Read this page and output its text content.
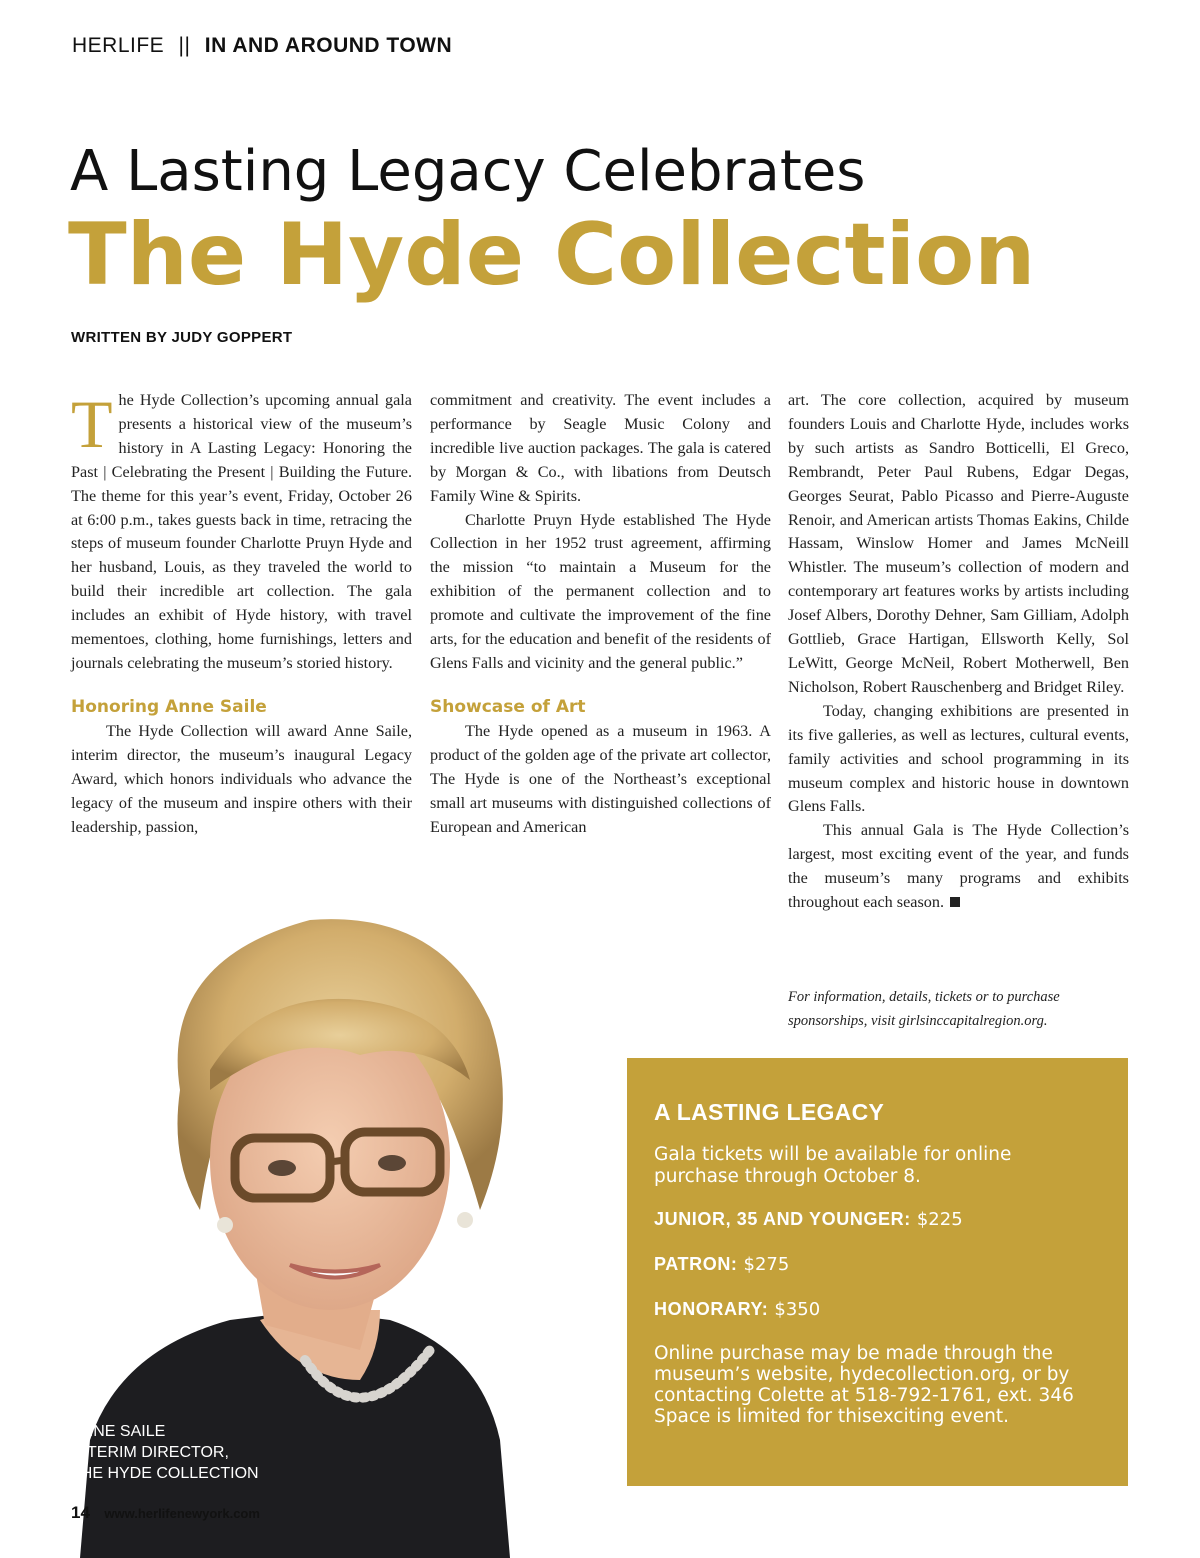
HERLIFE || IN AND AROUND TOWN
A Lasting Legacy Celebrates
The Hyde Collection
WRITTEN BY JUDY GOPPERT

The Hyde Collection’s upcoming annual gala presents a historical view of the museum’s history in A Lasting Legacy: Honoring the Past | Celebrating the Present | Building the Future. The theme for this year’s event, Friday, October 26 at 6:00 p.m., takes guests back in time, retracing the steps of museum founder Charlotte Pruyn Hyde and her husband, Louis, as they traveled the world to build their incredible art collection. The gala includes an exhibit of Hyde history, with travel mementoes, clothing, home furnishings, letters and journals celebrating the museum’s storied history.

Honoring Anne Saile

The Hyde Collection will award Anne Saile, interim director, the museum’s inaugural Legacy Award, which honors individuals who advance the legacy of the museum and inspire others with their leadership, passion,

commitment and creativity. The event includes a performance by Seagle Music Colony and incredible live auction packages. The gala is catered by Morgan & Co., with libations from Deutsch Family Wine & Spirits.

Charlotte Pruyn Hyde established The Hyde Collection in her 1952 trust agreement, affirming the mission “to maintain a Museum for the exhibition of the permanent collection and to promote and cultivate the improvement of the fine arts, for the education and benefit of the residents of Glens Falls and vicinity and the general public.”

Showcase of Art

The Hyde opened as a museum in 1963. A product of the golden age of the private art collector, The Hyde is one of the Northeast’s exceptional small art museums with distinguished collections of European and American

art. The core collection, acquired by museum founders Louis and Charlotte Hyde, includes works by such artists as Sandro Botticelli, El Greco, Rembrandt, Peter Paul Rubens, Edgar Degas, Georges Seurat, Pablo Picasso and Pierre-Auguste Renoir, and American artists Thomas Eakins, Childe Hassam, Winslow Homer and James McNeill Whistler. The museum’s collection of modern and contemporary art features works by artists including Josef Albers, Dorothy Dehner, Sam Gilliam, Adolph Gottlieb, Grace Hartigan, Ellsworth Kelly, Sol LeWitt, George McNeil, Robert Motherwell, Ben Nicholson, Robert Rauschenberg and Bridget Riley.

Today, changing exhibitions are presented in its five galleries, as well as lectures, cultural events, family activities and school programming in its museum complex and historic house in downtown Glens Falls.

This annual Gala is The Hyde Collection’s largest, most exciting event of the year, and funds the museum’s many programs and exhibits throughout each season.

For information, details, tickets or to purchase sponsorships, visit girlsinccapitalregion.org.
ANNE SAILE
INTERIM DIRECTOR,
THE HYDE COLLECTION
A LASTING LEGACY

Gala tickets will be available for online purchase through October 8.

JUNIOR, 35 AND YOUNGER: $225
PATRON: $275
HONORARY: $350

Online purchase may be made through the museum’s website, hydecollection.org, or by contacting Colette at 518-792-1761, ext. 346 Space is limited for thisexciting event.

14 www.herlifenewyork.com
